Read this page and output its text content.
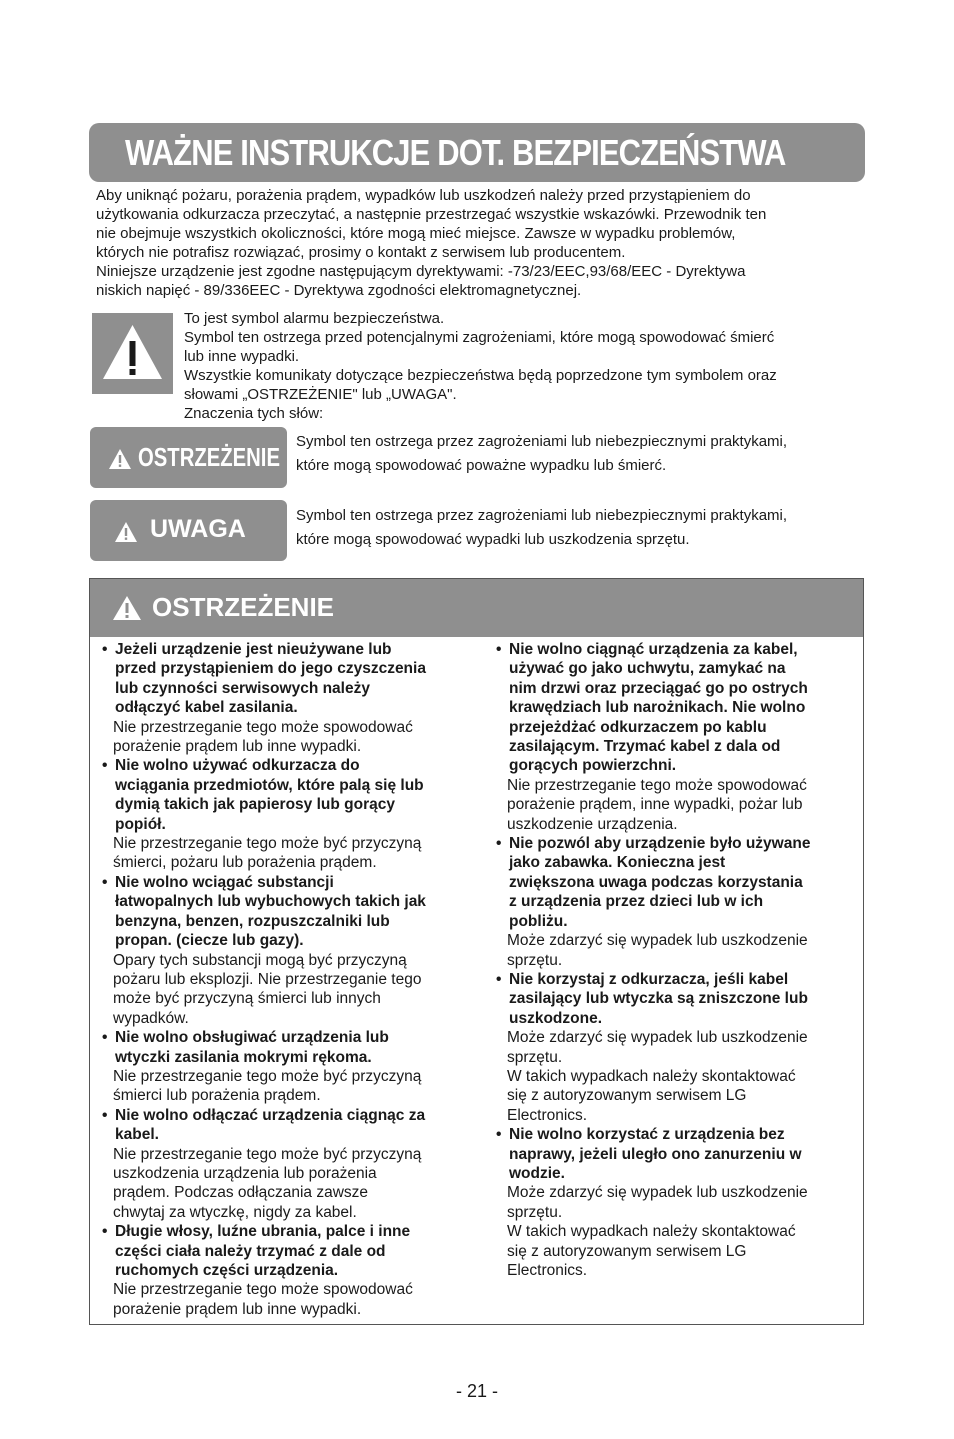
WAŻNE INSTRUKCJE DOT. BEZPIECZEŃSTWA

Aby uniknąć pożaru, porażenia prądem, wypadków lub uszkodzeń należy przed przystąpieniem do

użytkowania odkurzacza przeczytać, a następnie przestrzegać wszystkie wskazówki. Przewodnik ten

nie obejmuje wszystkich okoliczności, które mogą mieć miejsce. Zawsze w wypadku problemów,

których nie potrafisz rozwiązać, prosimy o kontakt z serwisem lub producentem.

Niniejsze urządzenie jest zgodne następującym dyrektywami: -73/23/EEC,93/68/EEC - Dyrektywa

niskich napięć - 89/336EEC - Dyrektywa zgodności elektromagnetycznej.

To jest symbol alarmu bezpieczeństwa.

Symbol ten ostrzega przed potencjalnymi zagrożeniami, które mogą spowodować śmierć

lub inne wypadki.

Wszystkie komunikaty dotyczące bezpieczeństwa będą poprzedzone tym symbolem oraz

słowami „OSTRZEŻENIE" lub „UWAGA".

Znaczenia tych słów:

OSTRZEŻENIE

Symbol ten ostrzega przez zagrożeniami lub niebezpiecznymi praktykami,

które mogą spowodować poważne wypadku lub śmierć.

UWAGA	Symbol ten ostrzega przez zagrożeniami lub niebezpiecznymi praktykami,

które mogą spowodować wypadki lub uszkodzenia sprzętu.

OSTRZEŻENIE
• Jeżeli urządzenie jest nieużywane lub

przed przystąpieniem do jego czyszczenia

lub czynności serwisowych należy

odłączyć kabel zasilania.

Nie przestrzeganie tego może spowodować

porażenie prądem lub inne wypadki.

• Nie wolno używać odkurzacza do

wciągania przedmiotów, które palą się lub

dymią takich jak papierosy lub gorący

popiół.

Nie przestrzeganie tego może być przyczyną

śmierci, pożaru lub porażenia prądem.

• Nie wolno wciągać substancji

łatwopalnych lub wybuchowych takich jak

benzyna, benzen, rozpuszczalniki lub

propan. (ciecze lub gazy).

Opary tych substancji mogą być przyczyną

pożaru lub eksplozji. Nie przestrzeganie tego

może być przyczyną śmierci lub innych

wypadków.

• Nie wolno obsługiwać urządzenia lub

wtyczki zasilania mokrymi rękoma.

Nie przestrzeganie tego może być przyczyną

śmierci lub porażenia prądem.

• Nie wolno odłączać urządzenia ciągnąc za

kabel.

Nie przestrzeganie tego może być przyczyną

uszkodzenia urządzenia lub porażenia

prądem. Podczas odłączania zawsze

chwytaj za wtyczkę, nigdy za kabel.

• Długie włosy, luźne ubrania, palce i inne

części ciała należy trzymać z dale od

ruchomych części urządzenia.

Nie przestrzeganie tego może spowodować

porażenie prądem lub inne wypadki.

• Nie wolno ciągnąć urządzenia za kabel,

używać go jako uchwytu, zamykać na

nim drzwi oraz przeciągać go po ostrych

krawędziach lub narożnikach. Nie wolno

przejeżdżać odkurzaczem po kablu

zasilającym. Trzymać kabel z dala od

gorących powierzchni.

Nie przestrzeganie tego może spowodować

porażenie prądem, inne wypadki, pożar lub

uszkodzenie urządzenia.

• Nie pozwól aby urządzenie było używane

jako zabawka. Konieczna jest

zwiększona uwaga podczas korzystania

z urządzenia przez dzieci lub w ich

pobliżu.

Może zdarzyć się wypadek lub uszkodzenie

sprzętu.

• Nie korzystaj z odkurzacza, jeśli kabel

zasilający lub wtyczka są zniszczone lub

uszkodzone.

Może zdarzyć się wypadek lub uszkodzenie

sprzętu.

W takich wypadkach należy skontaktować

się z autoryzowanym serwisem LG

Electronics.

• Nie wolno korzystać z urządzenia bez

naprawy, jeżeli uległo ono zanurzeniu w

wodzie.

Może zdarzyć się wypadek lub uszkodzenie

sprzętu.

W takich wypadkach należy skontaktować

się z autoryzowanym serwisem LG

Electronics.

- 21 -
